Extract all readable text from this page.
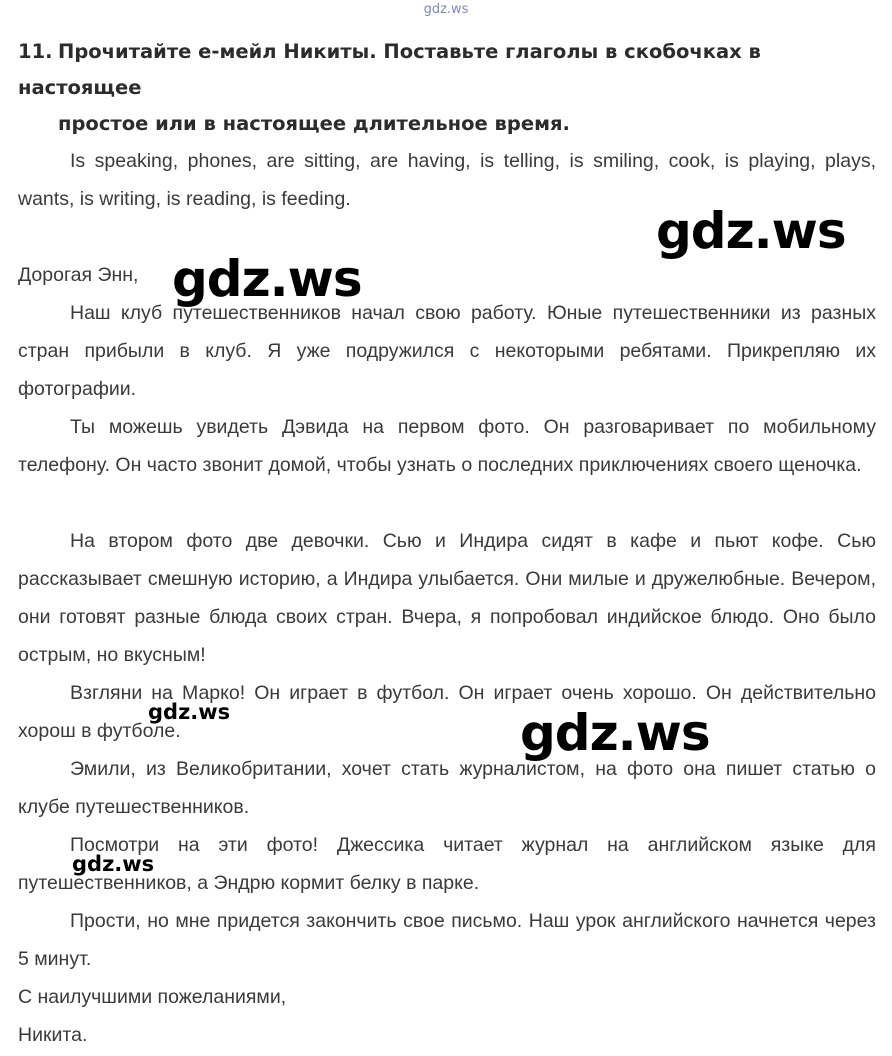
gdz.ws
11. Прочитайте е-мейл Никиты. Поставьте глаголы в скобочках в настоящее
простое или в настоящее длительное время.
Is speaking, phones, are sitting, are having, is telling, is smiling, cook, is playing, plays, wants, is writing, is reading, is feeding.
Дорогая Энн,
Наш клуб путешественников начал свою работу. Юные путешественники из разных стран прибыли в клуб. Я уже подружился с некоторыми ребятами. Прикрепляю их фотографии.
Ты можешь увидеть Дэвида на первом фото. Он разговаривает по мобильному телефону. Он часто звонит домой, чтобы узнать о последних приключениях своего щеночка.
На втором фото две девочки. Сью и Индира сидят в кафе и пьют кофе. Сью рассказывает смешную историю, а Индира улыбается. Они милые и дружелюбные. Вечером, они готовят разные блюда своих стран. Вчера, я попробовал индийское блюдо. Оно было острым, но вкусным!
Взгляни на Марко! Он играет в футбол. Он играет очень хорошо. Он действительно хорош в футболе.
Эмили, из Великобритании, хочет стать журналистом, на фото она пишет статью о клубе путешественников.
Посмотри на эти фото! Джессика читает журнал на английском языке для путешественников, а Эндрю кормит белку в парке.
Прости, но мне придется закончить свое письмо. Наш урок английского начнется через 5 минут.
С наилучшими пожеланиями,
Никита.
gdz.ws
gdz.ws
gdz.ws
gdz.ws
gdz.ws
